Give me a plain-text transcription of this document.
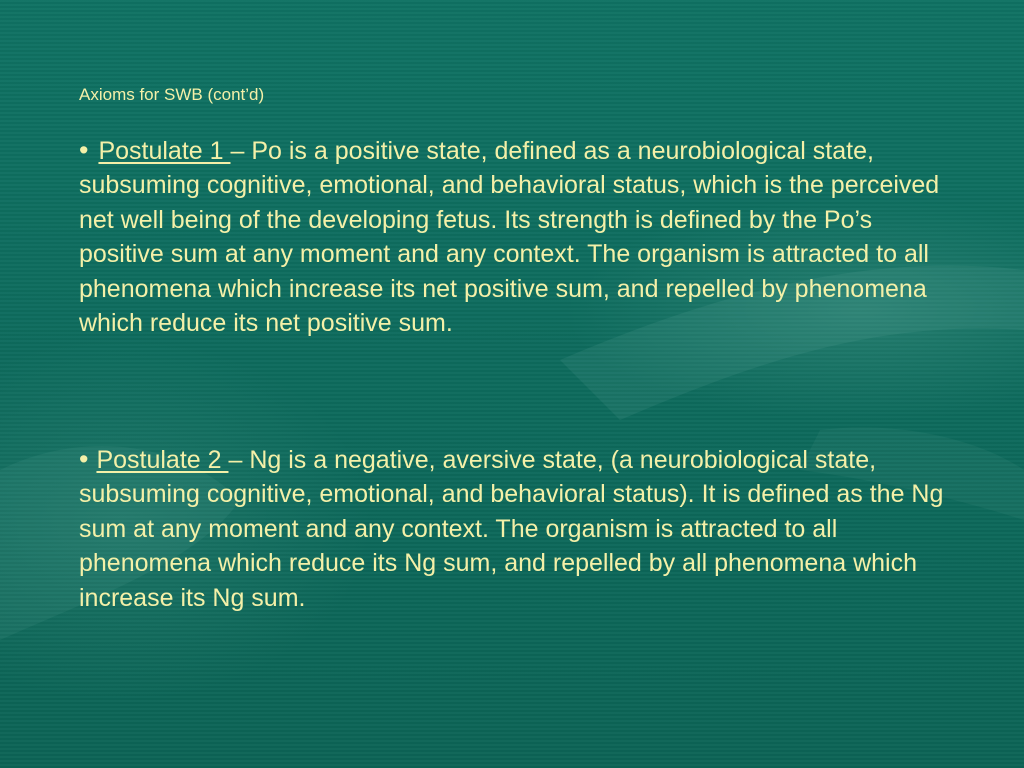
Axioms for SWB (cont’d)

• Postulate 1 – Po is a positive state, defined as a neurobiological state, subsuming cognitive, emotional, and behavioral status, which is the perceived net well being of the developing fetus. Its strength is defined by the Po’s positive sum at any moment and any context. The organism is attracted to all phenomena which increase its net positive sum, and repelled by phenomena which reduce its net positive sum.

• Postulate 2 – Ng is a negative, aversive state, (a neurobiological state, subsuming cognitive, emotional, and behavioral status). It is defined as the Ng sum at any moment and any context. The organism is attracted to all phenomena which reduce its Ng sum, and repelled by all phenomena which increase its Ng sum.
